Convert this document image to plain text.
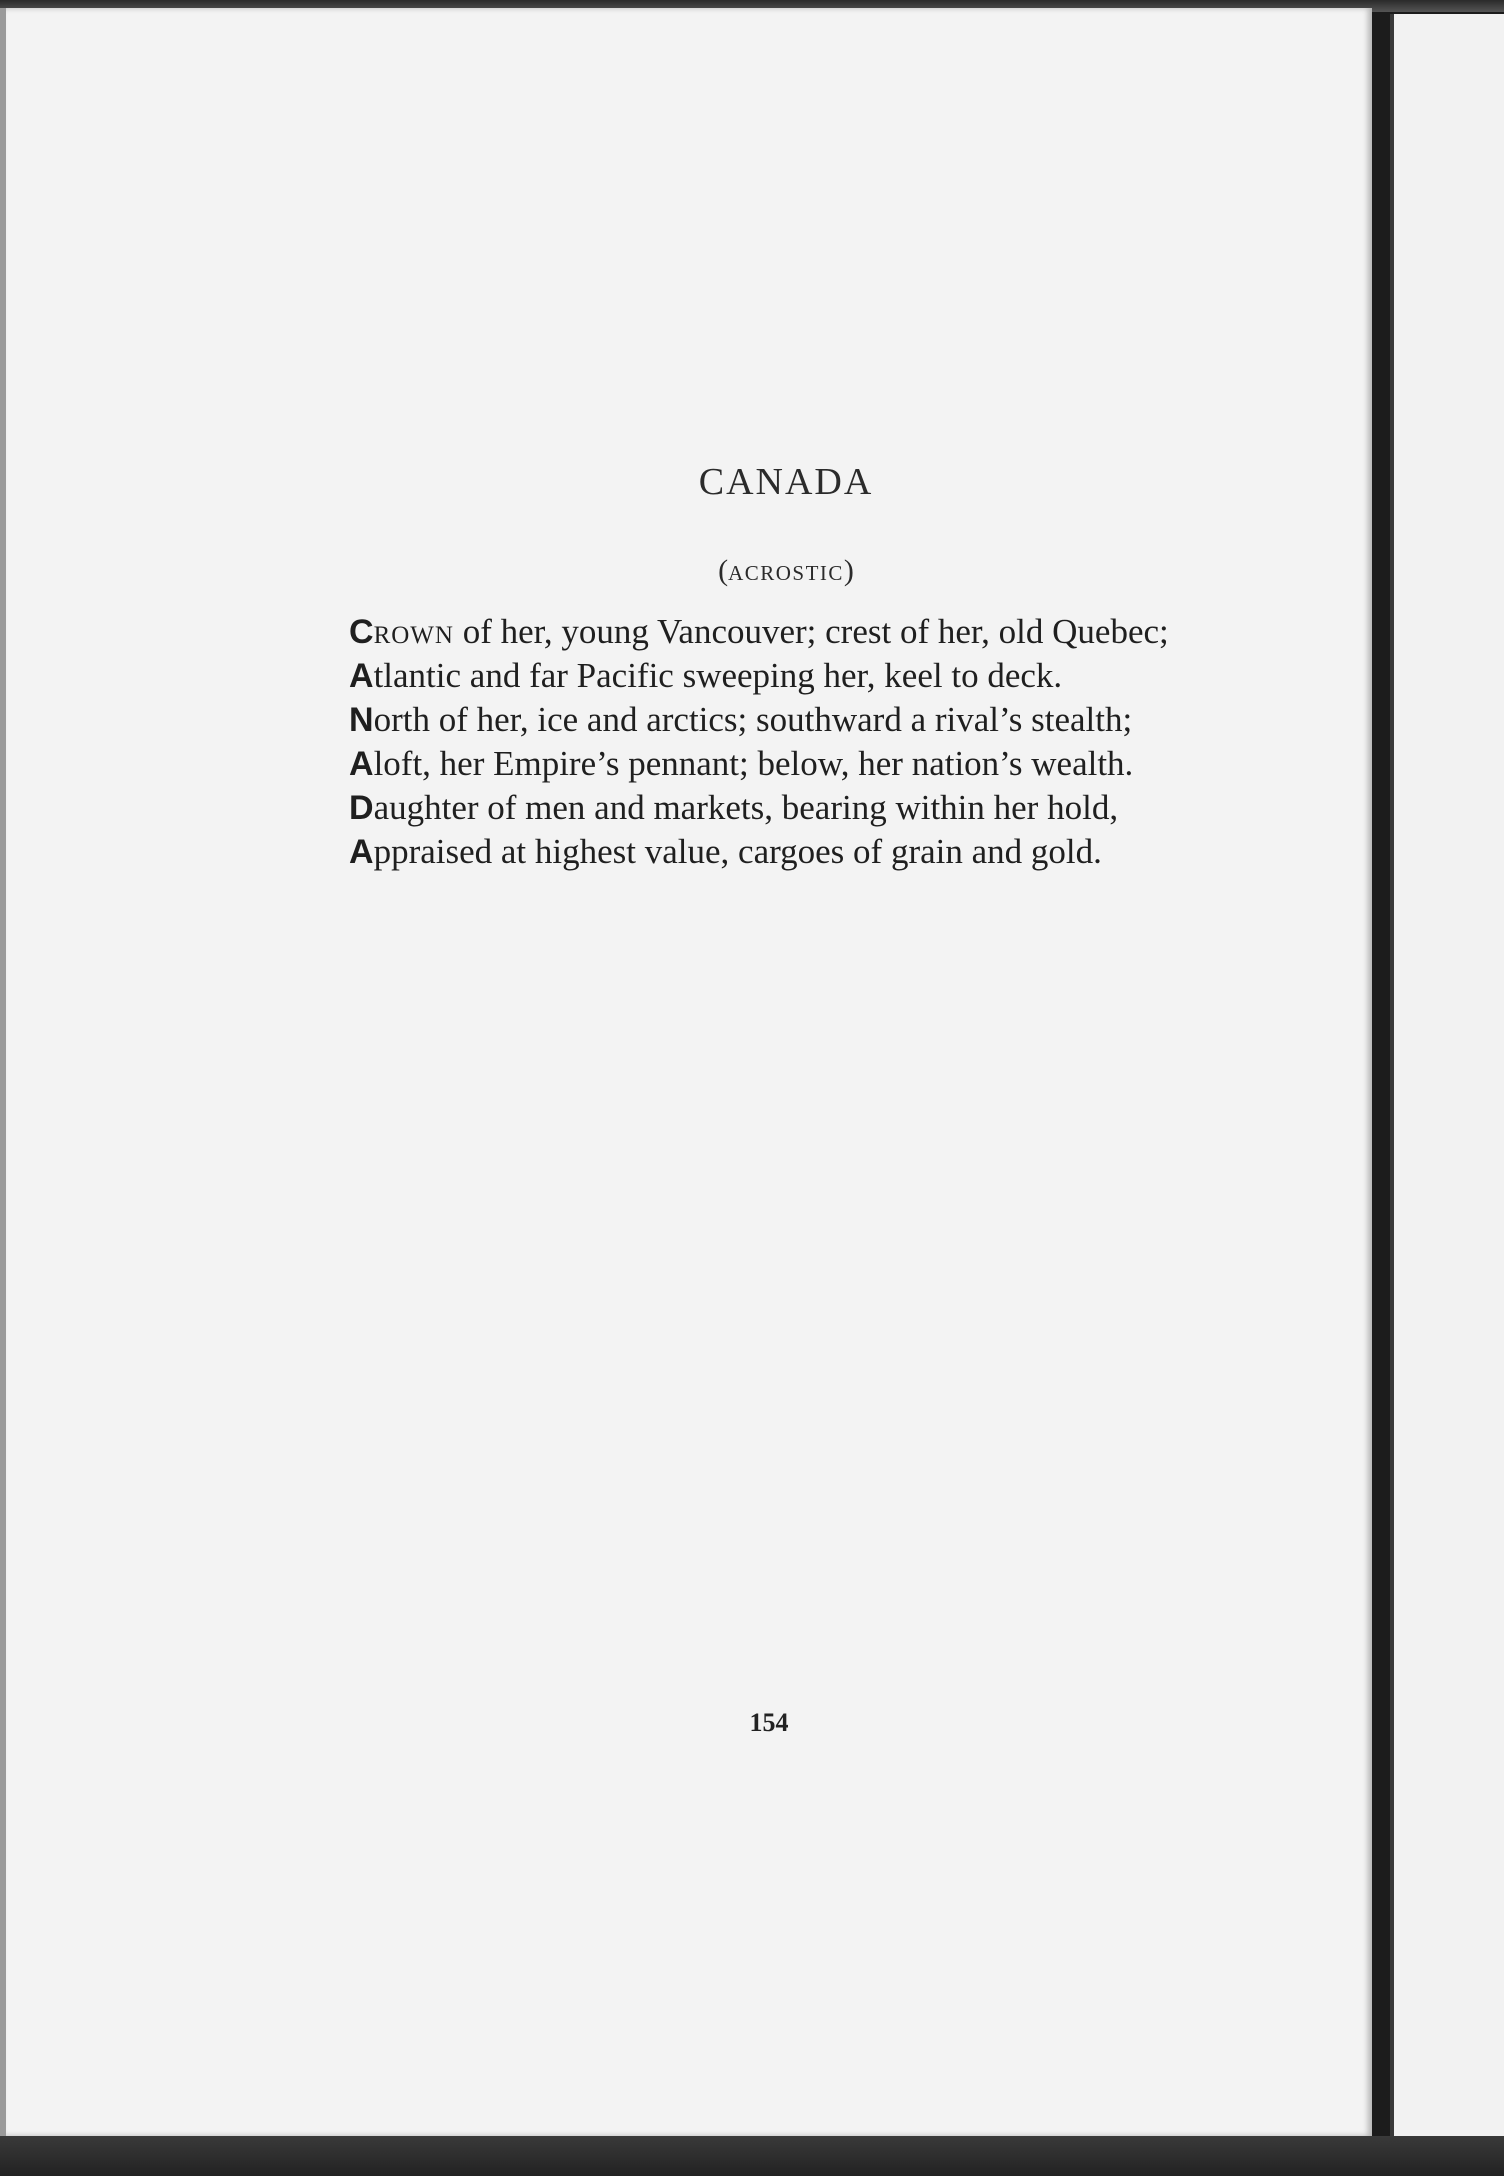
CANADA
(acrostic)
Crown of her, young Vancouver; crest of her, old Quebec;
Atlantic and far Pacific sweeping her, keel to deck.
North of her, ice and arctics; southward a rival’s stealth;
Aloft, her Empire’s pennant; below, her nation’s wealth.
Daughter of men and markets, bearing within her hold,
Appraised at highest value, cargoes of grain and gold.
154
